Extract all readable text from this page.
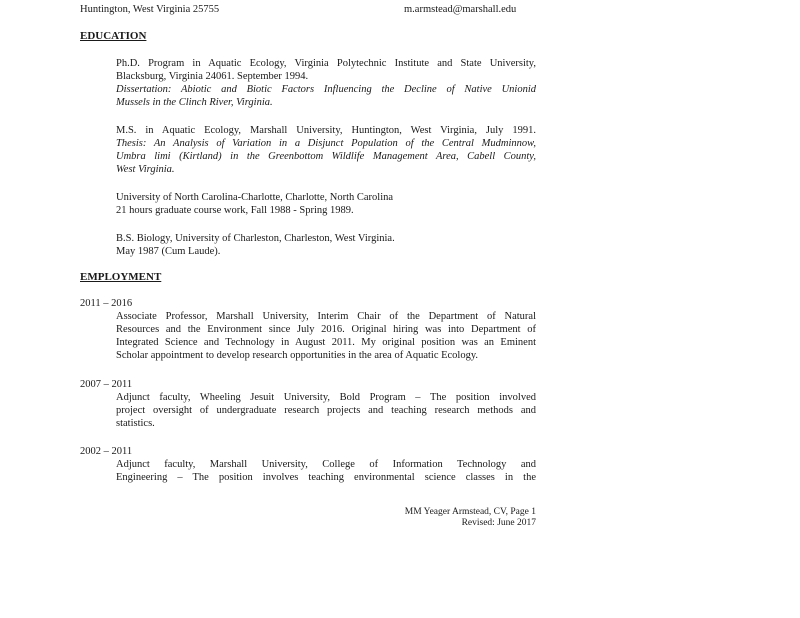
Huntington, West Virginia 25755	m.armstead@marshall.edu
EDUCATION
Ph.D. Program in Aquatic Ecology, Virginia Polytechnic Institute and State University,
Blacksburg, Virginia 24061. September 1994.
Dissertation: Abiotic and Biotic Factors Influencing the Decline of Native Unionid
Mussels in the Clinch River, Virginia.
M.S. in Aquatic Ecology, Marshall University, Huntington, West Virginia, July 1991.
Thesis: An Analysis of Variation in a Disjunct Population of the Central Mudminnow,
Umbra limi (Kirtland) in the Greenbottom Wildlife Management Area, Cabell County,
West Virginia.
University of North Carolina-Charlotte, Charlotte, North Carolina
21 hours graduate course work, Fall 1988 - Spring 1989.
B.S. Biology, University of Charleston, Charleston, West Virginia.
May 1987 (Cum Laude).
EMPLOYMENT
2011 – 2016
Associate Professor, Marshall University, Interim Chair of the Department of Natural
Resources and the Environment since July 2016. Original hiring was into Department of
Integrated Science and Technology in August 2011. My original position was an Eminent
Scholar appointment to develop research opportunities in the area of Aquatic Ecology.
2007 – 2011
Adjunct faculty, Wheeling Jesuit University, Bold Program – The position involved
project oversight of undergraduate research projects and teaching research methods and
statistics.
2002 – 2011
Adjunct faculty, Marshall University, College of Information Technology and
Engineering – The position involves teaching environmental science classes in the
MM Yeager Armstead, CV, Page 1
Revised: June 2017
